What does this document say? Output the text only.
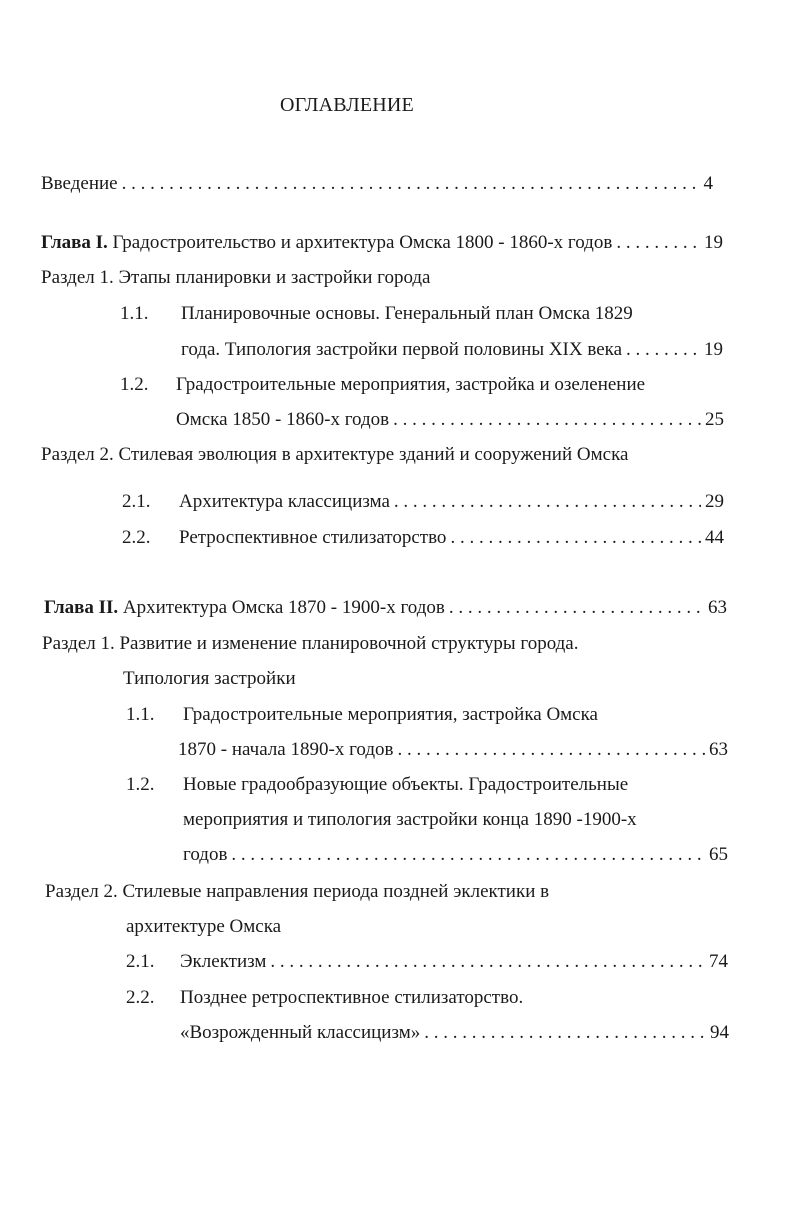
ОГЛАВЛЕНИЕ
Введение . . .	4
Глава I. Градостроительство и архитектура Омска 1800 - 1860-х годов . . .	19
Раздел 1. Этапы планировки и застройки города
1.1. Планировочные основы. Генеральный план Омска 1829
года. Типология застройки первой половины XIX века . . .	19
1.2. Градостроительные мероприятия, застройка и озеленение
Омска 1850 - 1860-х годов . . .	25
Раздел 2. Стилевая эволюция в архитектуре зданий и сооружений Омска
2.1. Архитектура классицизма . . .	29
2.2. Ретроспективное стилизаторство . . .	44
Глава II. Архитектура Омска 1870 - 1900-х годов . . .	63
Раздел 1. Развитие и изменение планировочной структуры города.
Типология застройки
1.1. Градостроительные мероприятия, застройка Омска
1870 - начала 1890-х годов . . .	63
1.2. Новые градообразующие объекты. Градостроительные
мероприятия и типология застройки конца 1890 -1900-х
годов . . .	65
Раздел 2. Стилевые направления периода поздней эклектики в
архитектуре Омска
2.1. Эклектизм . . .	74
2.2. Позднее ретроспективное стилизаторство.
«Возрожденный классицизм» . . .	94
